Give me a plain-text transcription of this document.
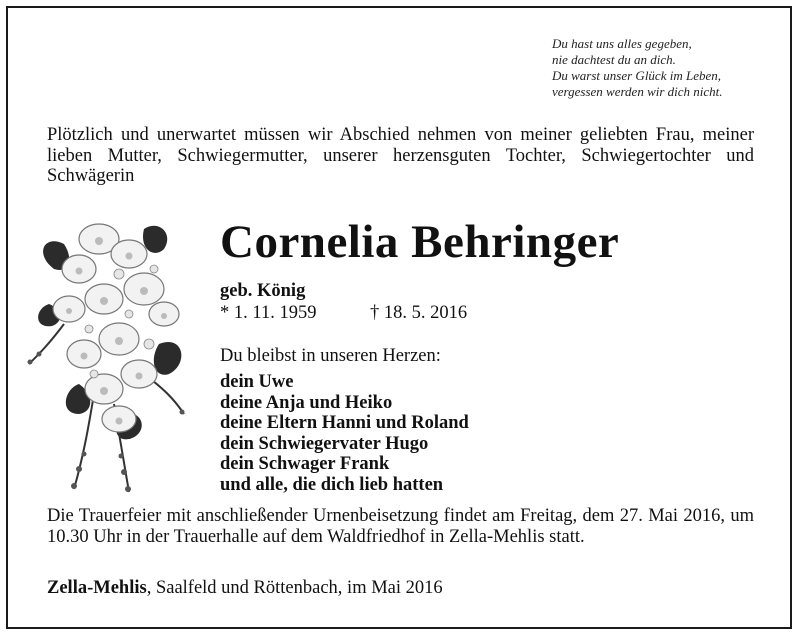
Du hast uns alles gegeben,
nie dachtest du an dich.
Du warst unser Glück im Leben,
vergessen werden wir dich nicht.
Plötzlich und unerwartet müssen wir Abschied nehmen von meiner geliebten Frau, meiner lieben Mutter, Schwiegermutter, unserer herzensguten Tochter, Schwiegertochter und Schwägerin
Cornelia Behringer
geb. König
* 1. 11. 1959	† 18. 5. 2016
Du bleibst in unseren Herzen:
dein Uwe
deine Anja und Heiko
deine Eltern Hanni und Roland
dein Schwiegervater Hugo
dein Schwager Frank
und alle, die dich lieb hatten
Die Trauerfeier mit anschließender Urnenbeisetzung findet am Freitag, dem 27. Mai 2016, um 10.30 Uhr in der Trauerhalle auf dem Waldfriedhof in Zella-Mehlis statt.
Zella-Mehlis, Saalfeld und Röttenbach, im Mai 2016
